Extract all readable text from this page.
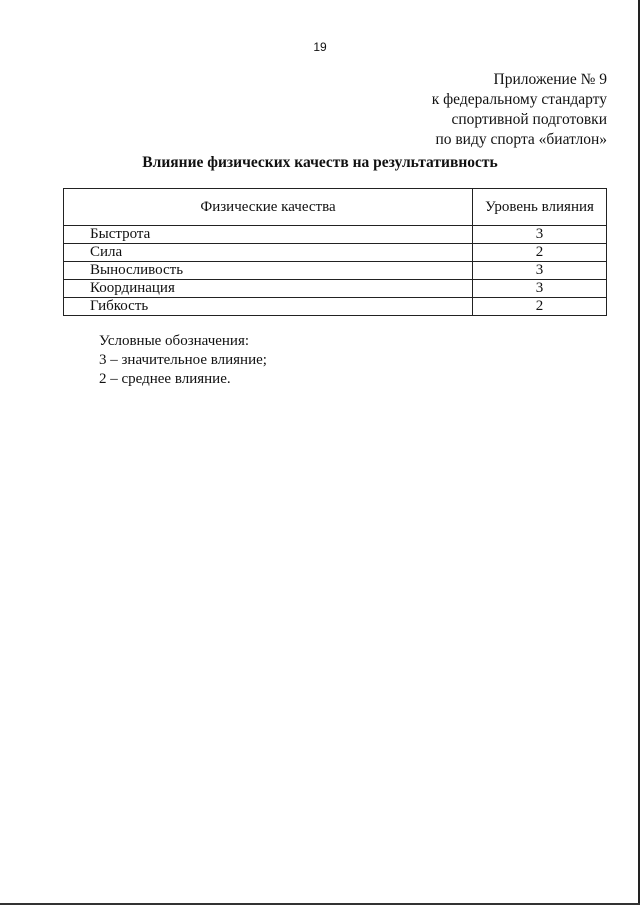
19
Приложение № 9
к федеральному стандарту
спортивной подготовки
по виду спорта «биатлон»
Влияние физических качеств на результативность
Физические качества	Уровень влияния
Быстрота	3
Сила	2
Выносливость	3
Координация	3
Гибкость	2
Условные обозначения:
3 – значительное влияние;
2 – среднее влияние.
